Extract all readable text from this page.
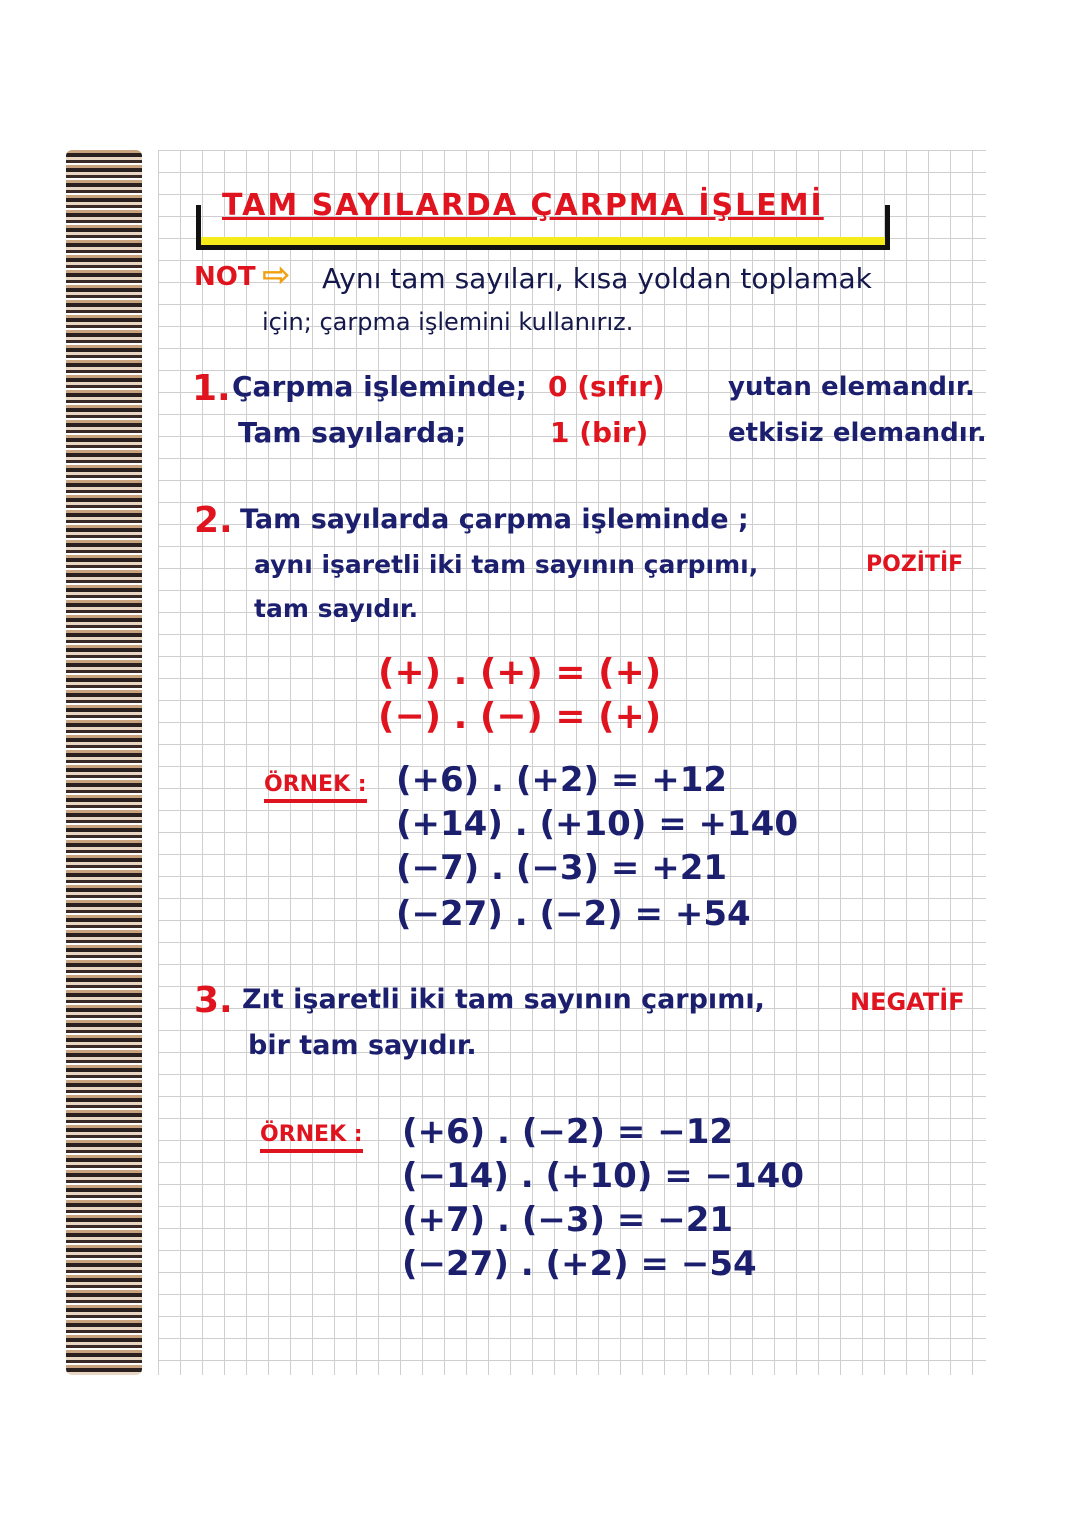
TAM SAYILARDA ÇARPMA İŞLEMİ
NOT ⇨ Aynı tam sayıları, kısa yoldan toplamak
için; çarpma işlemini kullanırız.
1. Çarpma işleminde; 0 (sıfır) yutan elemandır.
Tam sayılarda;	1 (bir)	etkisiz elemandır.
2. Tam sayılarda çarpma işleminde ;
aynı işaretli iki tam sayının çarpımı,	POZİTİF
tam sayıdır.
(+) . (+) = (+)
(−) . (−) = (+)
ÖRNEK : (+6) . (+2) = +12
(+14) . (+10) = +140
(−7) . (−3) = +21
(−27) . (−2) = +54
3. Zıt işaretli iki tam sayının çarpımı,	NEGATİF
bir tam sayıdır.
ÖRNEK : (+6) . (−2) = −12
(−14) . (+10) = −140
(+7) . (−3) = −21
(−27) . (+2) = −54
